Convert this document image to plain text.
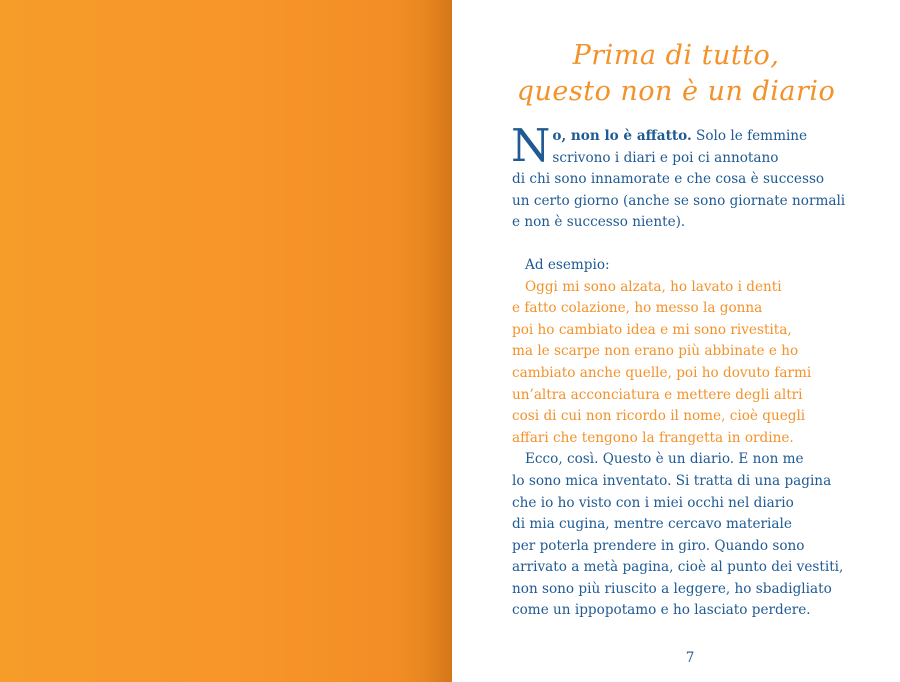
Prima di tutto,
questo non è un diario
N o, non lo è affatto. Solo le femmine
scrivono i diari e poi ci annotano
di chi sono innamorate e che cosa è successo
un certo giorno (anche se sono giornate normali
e non è successo niente).
Ad esempio:
Oggi mi sono alzata, ho lavato i denti
e fatto colazione, ho messo la gonna
poi ho cambiato idea e mi sono rivestita,
ma le scarpe non erano più abbinate e ho
cambiato anche quelle, poi ho dovuto farmi
un’altra acconciatura e mettere degli altri
cosi di cui non ricordo il nome, cioè quegli
affari che tengono la frangetta in ordine.
Ecco, così. Questo è un diario. E non me
lo sono mica inventato. Si tratta di una pagina
che io ho visto con i miei occhi nel diario
di mia cugina, mentre cercavo materiale
per poterla prendere in giro. Quando sono
arrivato a metà pagina, cioè al punto dei vestiti,
non sono più riuscito a leggere, ho sbadigliato
come un ippopotamo e ho lasciato perdere.
7
